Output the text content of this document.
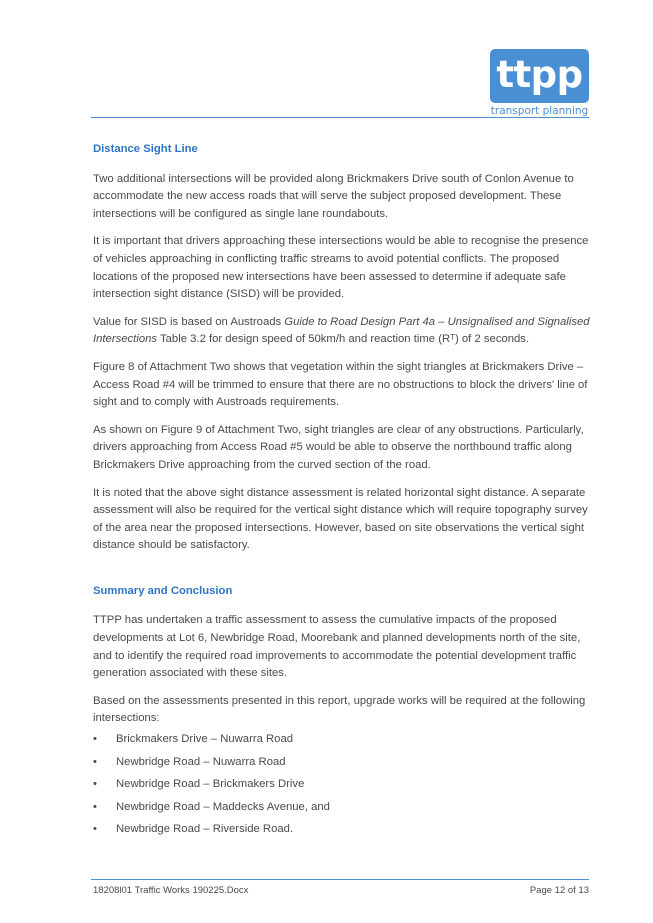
ttpp
transport planning
Distance Sight Line

Two additional intersections will be provided along Brickmakers Drive south of Conlon Avenue to accommodate the new access roads that will serve the subject proposed development. These intersections will be configured as single lane roundabouts.

It is important that drivers approaching these intersections would be able to recognise the presence of vehicles approaching in conflicting traffic streams to avoid potential conflicts. The proposed locations of the proposed new intersections have been assessed to determine if adequate safe intersection sight distance (SISD) will be provided.

Value for SISD is based on Austroads Guide to Road Design Part 4a – Unsignalised and Signalised Intersections Table 3.2 for design speed of 50km/h and reaction time (Rᵀ) of 2 seconds.

Figure 8 of Attachment Two shows that vegetation within the sight triangles at Brickmakers Drive – Access Road #4 will be trimmed to ensure that there are no obstructions to block the drivers' line of sight and to comply with Austroads requirements.

As shown on Figure 9 of Attachment Two, sight triangles are clear of any obstructions. Particularly, drivers approaching from Access Road #5 would be able to observe the northbound traffic along Brickmakers Drive approaching from the curved section of the road.

It is noted that the above sight distance assessment is related horizontal sight distance. A separate assessment will also be required for the vertical sight distance which will require topography survey of the area near the proposed intersections. However, based on site observations the vertical sight distance should be satisfactory.

Summary and Conclusion

TTPP has undertaken a traffic assessment to assess the cumulative impacts of the proposed developments at Lot 6, Newbridge Road, Moorebank and planned developments north of the site, and to identify the required road improvements to accommodate the potential development traffic generation associated with these sites.

Based on the assessments presented in this report, upgrade works will be required at the following intersections:

• Brickmakers Drive – Nuwarra Road
• Newbridge Road – Nuwarra Road
• Newbridge Road – Brickmakers Drive
• Newbridge Road – Maddecks Avenue, and
• Newbridge Road – Riverside Road.
18208l01 Traffic Works 190225.Docx	Page 12 of 13
